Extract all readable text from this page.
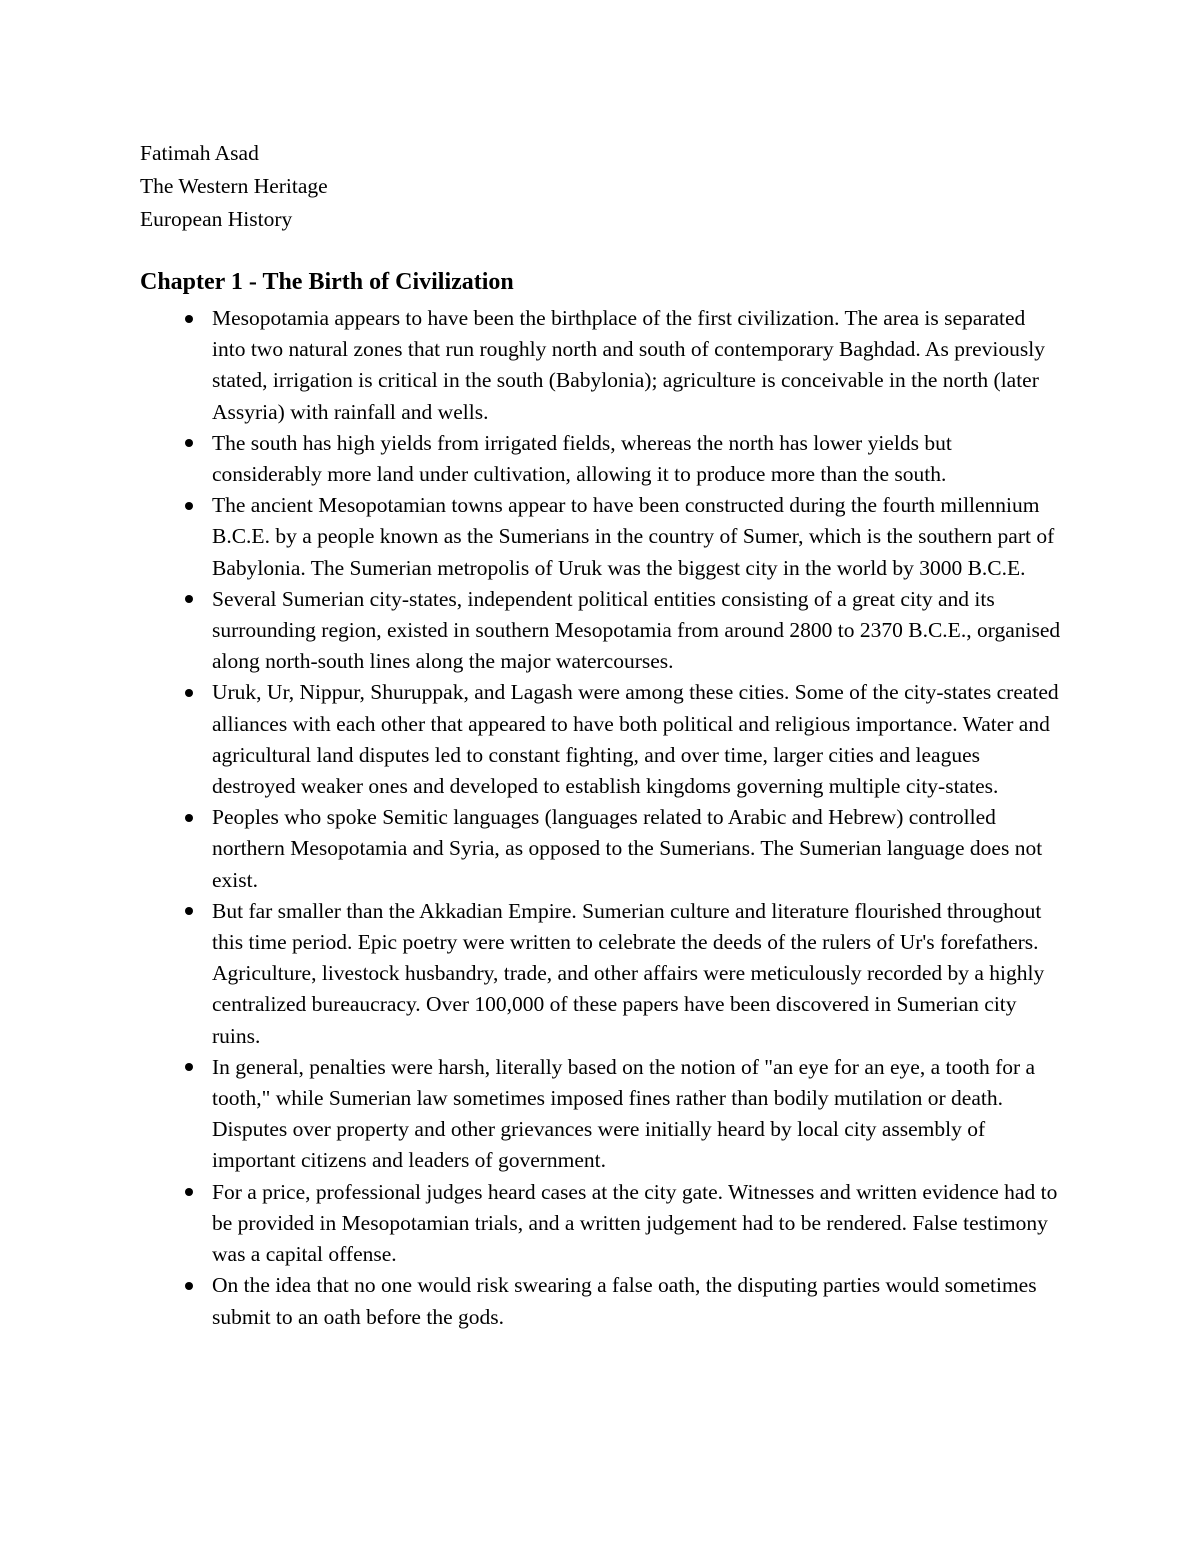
Fatimah Asad

The Western Heritage

European History

Chapter 1 - The Birth of Civilization
Mesopotamia appears to have been the birthplace of the first civilization. The area is separated into two natural zones that run roughly north and south of contemporary Baghdad. As previously stated, irrigation is critical in the south (Babylonia); agriculture is conceivable in the north (later Assyria) with rainfall and wells.
The south has high yields from irrigated fields, whereas the north has lower yields but considerably more land under cultivation, allowing it to produce more than the south.
The ancient Mesopotamian towns appear to have been constructed during the fourth millennium B.C.E. by a people known as the Sumerians in the country of Sumer, which is the southern part of Babylonia. The Sumerian metropolis of Uruk was the biggest city in the world by 3000 B.C.E.
Several Sumerian city-states, independent political entities consisting of a great city and its surrounding region, existed in southern Mesopotamia from around 2800 to 2370 B.C.E., organised along north-south lines along the major watercourses.
Uruk, Ur, Nippur, Shuruppak, and Lagash were among these cities. Some of the city-states created alliances with each other that appeared to have both political and religious importance. Water and agricultural land disputes led to constant fighting, and over time, larger cities and leagues destroyed weaker ones and developed to establish kingdoms governing multiple city-states.
Peoples who spoke Semitic languages (languages related to Arabic and Hebrew) controlled northern Mesopotamia and Syria, as opposed to the Sumerians. The Sumerian language does not exist.
But far smaller than the Akkadian Empire. Sumerian culture and literature flourished throughout this time period. Epic poetry were written to celebrate the deeds of the rulers of Ur's forefathers. Agriculture, livestock husbandry, trade, and other affairs were meticulously recorded by a highly centralized bureaucracy. Over 100,000 of these papers have been discovered in Sumerian city ruins.
In general, penalties were harsh, literally based on the notion of "an eye for an eye, a tooth for a tooth," while Sumerian law sometimes imposed fines rather than bodily mutilation or death. Disputes over property and other grievances were initially heard by local city assembly of important citizens and leaders of government.
For a price, professional judges heard cases at the city gate. Witnesses and written evidence had to be provided in Mesopotamian trials, and a written judgement had to be rendered. False testimony was a capital offense.
On the idea that no one would risk swearing a false oath, the disputing parties would sometimes submit to an oath before the gods.
